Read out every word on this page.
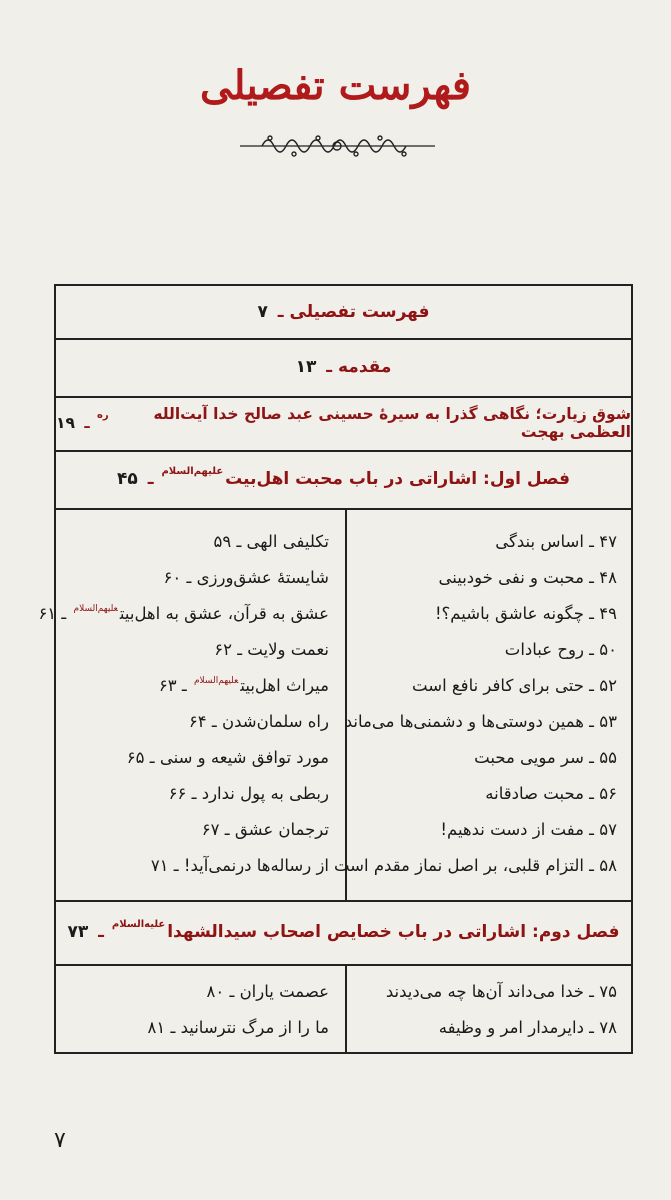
فهرست تفصیلی
فهرست تفصیلی
ـ
۷
مقدمه
ـ
۱۳
شوق زیارت؛ نگاهی گذرا به سیرهٔ حسینی عبد صالح خدا آیت‌الله العظمی بهجت
ره
ـ
۱۹
فصل اول: اشاراتی در باب محبت اهل‌بیت
علیهم‌السلام
ـ
۴۵
۴۷ ـ اساس بندگی
۴۸ ـ محبت و نفی خودبینی
۴۹ ـ چگونه عاشق باشیم؟!
۵۰ ـ روح عبادات
۵۲ ـ حتی برای کافر نافع است
۵۳ ـ همین دوستی‌ها و دشمنی‌ها می‌ماند
۵۵ ـ سر مویی محبت
۵۶ ـ محبت صادقانه
۵۷ ـ مفت از دست ندهیم!
۵۸ ـ التزام قلبی، بر اصل نماز مقدم است
تکلیفی الهی ـ ۵۹
شایستهٔ عشق‌ورزی ـ ۶۰
عشق به قرآن، عشق به اهل‌بیت$^{علیهم‌السلام}$ ـ ۶۱
نعمت ولایت ـ ۶۲
میراث اهل‌بیت$^{علیهم‌السلام}$ ـ ۶۳
راه سلمان‌شدن ـ ۶۴
مورد توافق شیعه و سنی ـ ۶۵
ربطی به پول ندارد ـ ۶۶
ترجمان عشق ـ ۶۷
از رساله‌ها درنمی‌آید! ـ ۷۱
فصل دوم: اشاراتی در باب خصایص اصحاب سیدالشهدا
علیه‌السلام
ـ
۷۳
۷۵ ـ خدا می‌داند آن‌ها چه می‌دیدند
۷۸ ـ دایرمدار امر و وظیفه
عصمت یاران ـ ۸۰
ما را از مرگ نترسانید ـ ۸۱
۷
